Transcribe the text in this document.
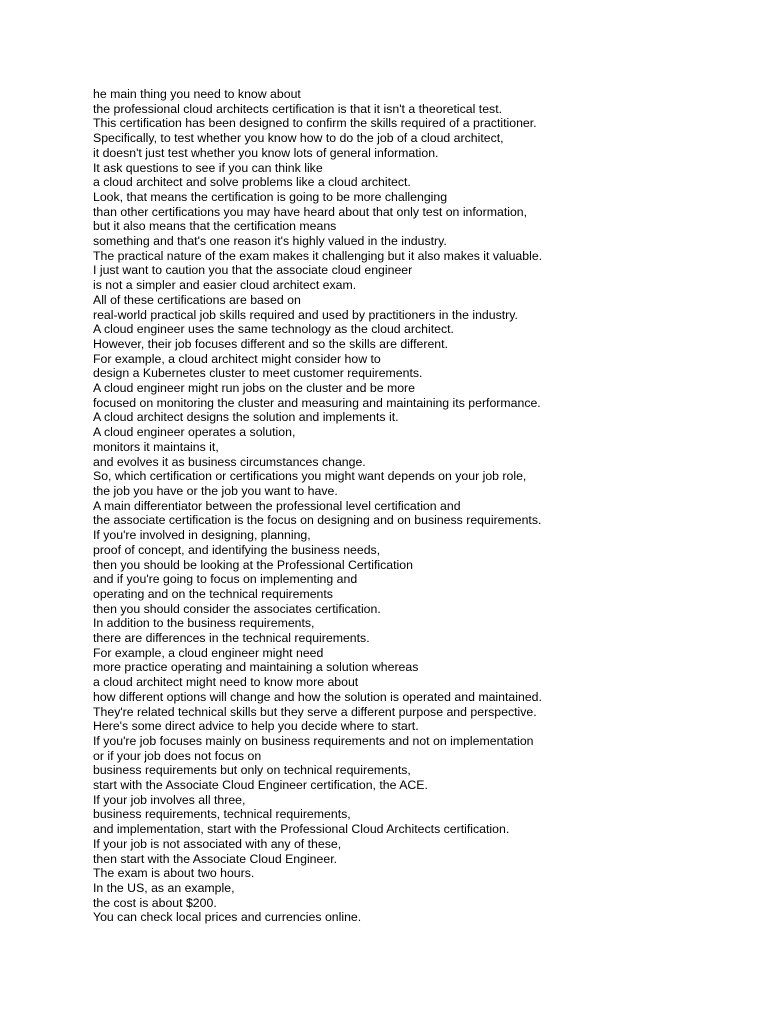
he main thing you need to know about

the professional cloud architects certification is that it isn't a theoretical test.

This certification has been designed to confirm the skills required of a practitioner.

Specifically, to test whether you know how to do the job of a cloud architect,

it doesn't just test whether you know lots of general information.

It ask questions to see if you can think like

a cloud architect and solve problems like a cloud architect.

Look, that means the certification is going to be more challenging

than other certifications you may have heard about that only test on information,

but it also means that the certification means

something and that's one reason it's highly valued in the industry.

The practical nature of the exam makes it challenging but it also makes it valuable.

I just want to caution you that the associate cloud engineer

is not a simpler and easier cloud architect exam.

All of these certifications are based on

real-world practical job skills required and used by practitioners in the industry.

A cloud engineer uses the same technology as the cloud architect.

However, their job focuses different and so the skills are different.

For example, a cloud architect might consider how to

design a Kubernetes cluster to meet customer requirements.

A cloud engineer might run jobs on the cluster and be more

focused on monitoring the cluster and measuring and maintaining its performance.

A cloud architect designs the solution and implements it.

A cloud engineer operates a solution,

monitors it maintains it,

and evolves it as business circumstances change.

So, which certification or certifications you might want depends on your job role,

the job you have or the job you want to have.

A main differentiator between the professional level certification and

the associate certification is the focus on designing and on business requirements.

If you're involved in designing, planning,

proof of concept, and identifying the business needs,

then you should be looking at the Professional Certification

and if you're going to focus on implementing and

operating and on the technical requirements

then you should consider the associates certification.

In addition to the business requirements,

there are differences in the technical requirements.

For example, a cloud engineer might need

more practice operating and maintaining a solution whereas

a cloud architect might need to know more about

how different options will change and how the solution is operated and maintained.

They're related technical skills but they serve a different purpose and perspective.

Here's some direct advice to help you decide where to start.

If you're job focuses mainly on business requirements and not on implementation

or if your job does not focus on

business requirements but only on technical requirements,

start with the Associate Cloud Engineer certification, the ACE.

If your job involves all three,

business requirements, technical requirements,

and implementation, start with the Professional Cloud Architects certification.

If your job is not associated with any of these,

then start with the Associate Cloud Engineer.

The exam is about two hours.

In the US, as an example,

the cost is about $200.

You can check local prices and currencies online.
